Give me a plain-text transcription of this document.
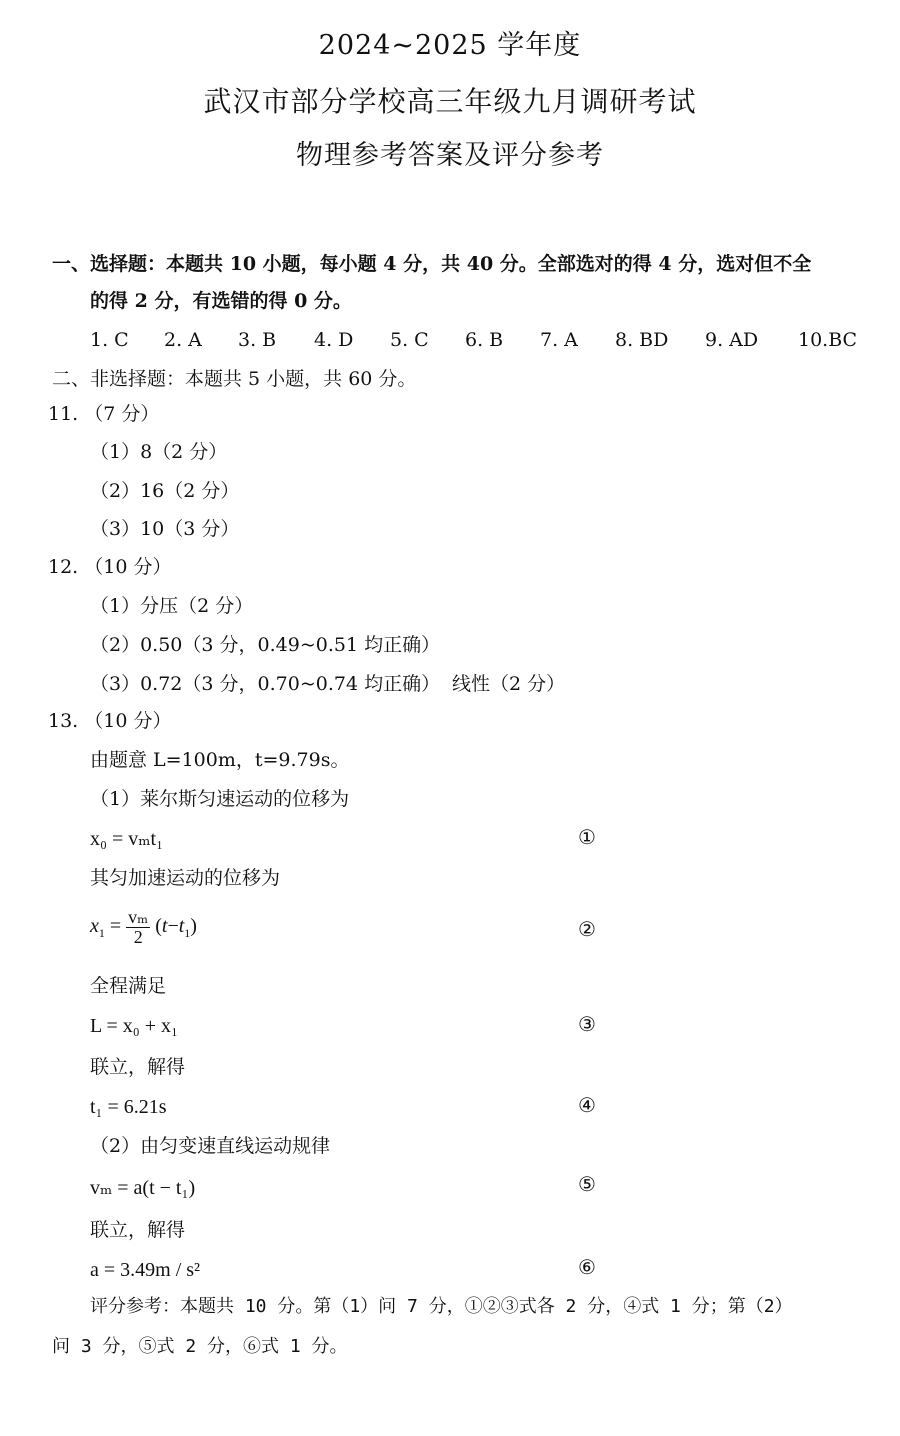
2024~2025 学年度
武汉市部分学校高三年级九月调研考试
物理参考答案及评分参考
一、选择题：本题共 10 小题，每小题 4 分，共 40 分。全部选对的得 4 分，选对但不全
的得 2 分，有选错的得 0 分。
1. C 2. A 3. B 4. D 5. C 6. B 7. A 8. BD 9. AD 10.BC
二、非选择题：本题共 5 小题，共 60 分。
11. （7 分）
（1）8（2 分）
（2）16（2 分）
（3）10（3 分）
12. （10 分）
（1）分压（2 分）
（2）0.50（3 分，0.49~0.51 均正确）
（3）0.72（3 分，0.70~0.74 均正确） 线性（2 分）
13. （10 分）
由题意 L=100m，t=9.79s。
（1）莱尔斯匀速运动的位移为
x₀ = vₘt₁	①
其匀加速运动的位移为
$x_1 = \frac{\text{vₘ}}{2} (t-t_1)$	②
全程满足
L = x₀ + x₁	③
联立，解得
t₁ = 6.21s	④
（2）由匀变速直线运动规律
vₘ = a(t − t₁)	⑤
联立，解得
a = 3.49m / s²	⑥
评分参考：本题共 10 分。第（1）问 7 分，①②③式各 2 分，④式 1 分；第（2）
问 3 分，⑤式 2 分，⑥式 1 分。
